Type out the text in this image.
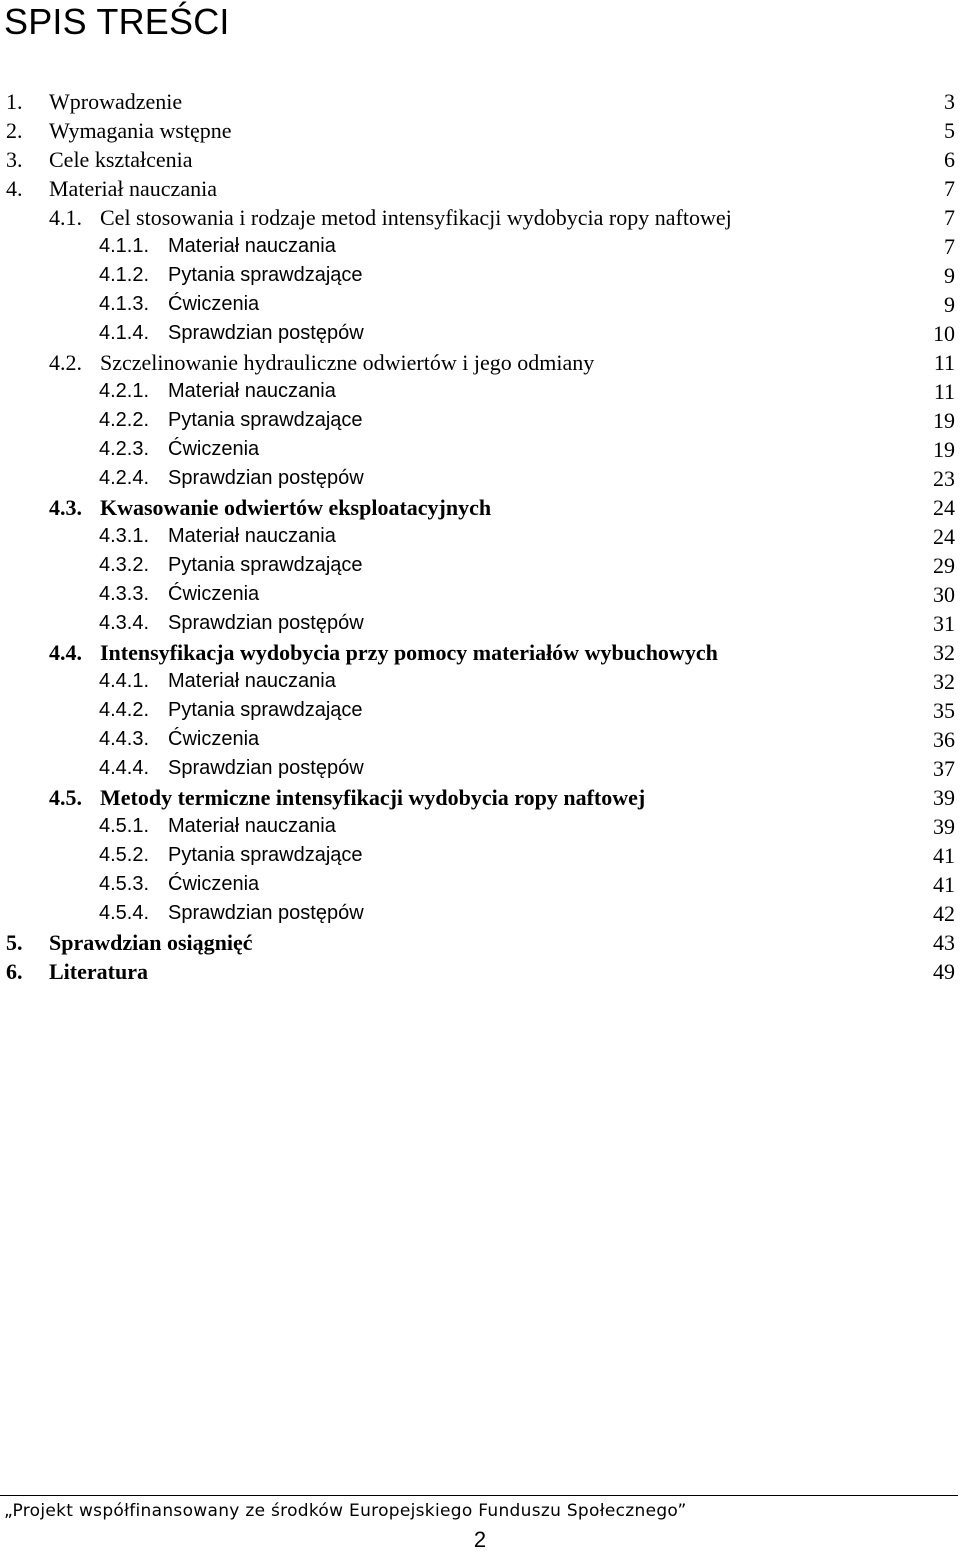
SPIS TREŚCI
1. Wprowadzenie	3
2. Wymagania wstępne	5
3. Cele kształcenia	6
4. Materiał nauczania	7
4.1. Cel stosowania i rodzaje metod intensyfikacji wydobycia ropy naftowej	7
4.1.1. Materiał nauczania	7
4.1.2. Pytania sprawdzające	9
4.1.3. Ćwiczenia	9
4.1.4. Sprawdzian postępów	10
4.2. Szczelinowanie hydrauliczne odwiertów i jego odmiany	11
4.2.1. Materiał nauczania	11
4.2.2. Pytania sprawdzające	19
4.2.3. Ćwiczenia	19
4.2.4. Sprawdzian postępów	23
4.3. Kwasowanie odwiertów eksploatacyjnych	24
4.3.1. Materiał nauczania	24
4.3.2. Pytania sprawdzające	29
4.3.3. Ćwiczenia	30
4.3.4. Sprawdzian postępów	31
4.4. Intensyfikacja wydobycia przy pomocy materiałów wybuchowych	32
4.4.1. Materiał nauczania	32
4.4.2. Pytania sprawdzające	35
4.4.3. Ćwiczenia	36
4.4.4. Sprawdzian postępów	37
4.5. Metody termiczne intensyfikacji wydobycia ropy naftowej	39
4.5.1. Materiał nauczania	39
4.5.2. Pytania sprawdzające	41
4.5.3. Ćwiczenia	41
4.5.4. Sprawdzian postępów	42
5. Sprawdzian osiągnięć	43
6. Literatura	49
„Projekt współfinansowany ze środków Europejskiego Funduszu Społecznego”
2
